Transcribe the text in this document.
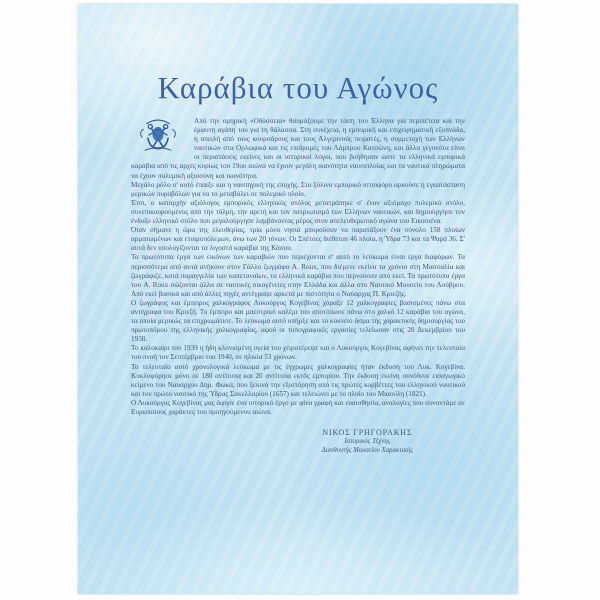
Καράβια του Αγώνος

Από την ομηρική «Οδύσσεια» θαυμάζουμε την τάση του Έλληνα για περιπέτεια και την έμφυτη αγάπη του για τη θάλασσα. Στη συνέχεια, η εμπορική και επιχειρηματική εξυπνάδα, η απειλή από τους κουρσάρους και τους Αλγερινούς πειρατές, η συμμετοχή των Ελλήνων ναυτικών στα Ορλωφικά και τις επιδρομές του Λάμπρου Κατσώνη, και άλλα γεγονότα είναι οι περιστάσεις εκείνες και οι ιστορικοί λόγοι, που βοήθησαν ώστε τα ελληνικά εμπορικά καράβια από τις αρχές κυρίως του 19ου αιώνα να έχουν μεγάλη ικανότητα ναυσιπλοΐας και τα ναυτικά πληρώματα να έχουν πολεμική αξιοσύνη και ικανότητα.

Μεγάλο ρόλο σ' αυτό έπαιξε και η ναυπηγική της εποχής. Στο ξύλινο εμπορικό ιστιοφόρο αρκούσε η εγκατάσταση μερικών πυροβόλων για να το μεταβάλει σε πολεμικό πλοίο.

Έτσι, ο καταρχήν αξιόλογος εμπορικός ελληνικός στόλος μετατράπηκε σ' έναν αξιόμαχο πολεμικό στόλο, συνεπικουρούμενος από την τόλμη, την αρετή και τον πατριωτισμό των Ελλήνων ναυτικών, και δημιούργησε τον ένδοξο ελληνικό στόλο που μεγαλούργησε λαμβάνοντας μέρος στον απελευθερωτικό αγώνα του Εικοσιένα.

Όταν σήμανε η ώρα της ελευθερίας, τρία μόνο νησιά μπορούσαν να παρατάξουν ένα σύνολο 158 πλοίων αρματωμένων και ετοιμοπόλεμων, άνω των 20 τόνων. Οι Σπέτσες διέθεταν 46 πλοία, η Ύδρα 73 και τα Ψαρά 36. Σ' αυτά δεν υπολογίζονται τα λιγοστά καράβια της Κάσου.

Τα πρωτότυπα έργα των εικόνων των καραβιών που περιέχονται σ' αυτό το λεύκωμα είναι έργα διαφόρων. Τα περισσότερα από αυτά ανήκουν στον Γάλλο ζωγράφο A. Roux, που διέμενε εκείνα τα χρόνια στη Μασσαλία και ζωγράφιζε, κατά παραγγελία των καπεταναίων, τα ελληνικά καράβια που περνούσαν από εκεί. Τα πρωτότυπα έργα του A. Roux σώζονται άλλα σε ναυτικές οικογένειες στην Ελλάδα και άλλα στο Ναυτικό Μουσείο του Λούβρου. Από εκεί βασικά και από άλλες πηγές αντέγραψε αρκετά με πιστότητα ο Ναύαρχος Π. Κριεζής.

Ο ζωγράφος και έμπειρος χαλκογράφος Λυκούργος Κογεβίνας χάραξε 12 χαλκογραφίες βασισμένες πάνω στα αντίγραφα του Κριεζή. Το έμπειρο και μαεστρικό καλέμι του αποτύπωσε πάνω στο χαλκό 12 καράβια του αγώνα, τα οποία μερικώς τα επιχρωμάτισε. Το λεύκωμα αυτό υπήρξε και το κύκνειο άσμα της χαρακτικής δημιουργίας του πρωτοπόρου της ελληνικής χαλκογραφίας, αφού οι τυπογραφικές εργασίες τελείωσαν στις 20 Δεκεμβρίου του 1938.

Το καλοκαίρι του 1939 η ήδη κλονισμένη υγεία του χειροτέρεψε και ο Λυκούργος Κογεβίνας αφήνει την τελευταία του πνοή τον Σεπτέμβριο του 1940, σε ηλικία 53 χρόνων.

Το τελευταίο αυτό χρονολογικά λεύκωμα με τις έγχρωμες χαλκογραφίες ήταν έκδοση του Λυκ. Κογεβίνα. Κυκλοφόρησε μόνο σε 180 αντίτυπα και 20 αντίτυπα εκτός εμπορίου. Την έκδοση εκείνη συνόδευε εισαγωγικό κείμενο του Ναυάρχου Δημ. Φωκά, που ξεκινά την εξιστόρηση από τις πρώτες κορβέττες του ελληνικού ναυτικού και τον πρώτο ναυτικό της Ύδρας Σακελλαρίου (1657) και τελειώνει με το πλοίο του Μιαούλη (1821).

Ο Λυκούργος Κογεβίνας μας άφησε ένα ιστορικό έργο με φίνα γραφή και ευαισθησία, αναλογίες που συναντάμε σε Ευρωπαίους χαράκτες του προηγούμενου αιώνα.

ΝΙΚΟΣ ΓΡΗΓΟΡΑΚΗΣ
Ιστορικός Τέχνης
Διευθυντής Μουσείου Χαρακτικής
